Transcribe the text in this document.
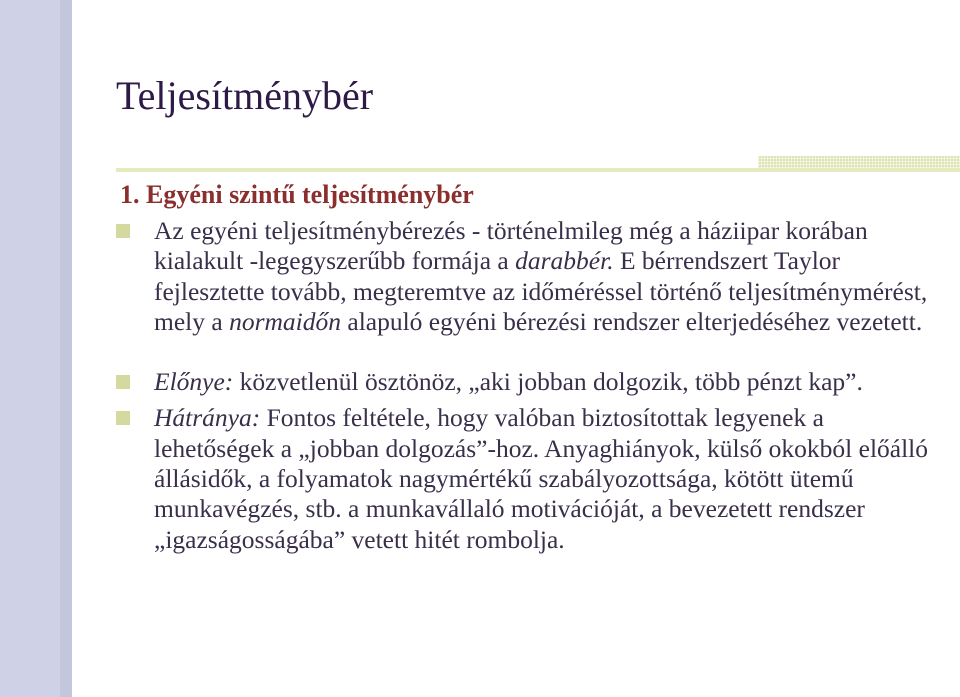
Teljesítménybér
1. Egyéni szintű teljesítménybér
Az egyéni teljesítménybérezés - történelmileg még a háziipar korában kialakult -legegyszerűbb formája a darabbér. E bérrendszert Taylor fejlesztette tovább, megteremtve az időméréssel történő teljesítménymérést, mely a normaidőn alapuló egyéni bérezési rendszer elterjedéséhez vezetett.
Előnye: közvetlenül ösztönöz, „aki jobban dolgozik, több pénzt kap”.
Hátránya: Fontos feltétele, hogy valóban biztosítottak legyenek a lehetőségek a „jobban dolgozás”-hoz. Anyaghiányok, külső okokból előálló állásidők, a folyamatok nagymértékű szabályozottsága, kötött ütemű munkavégzés, stb. a munkavállaló motivációját, a bevezetett rendszer „igazságosságába” vetett hitét rombolja.
